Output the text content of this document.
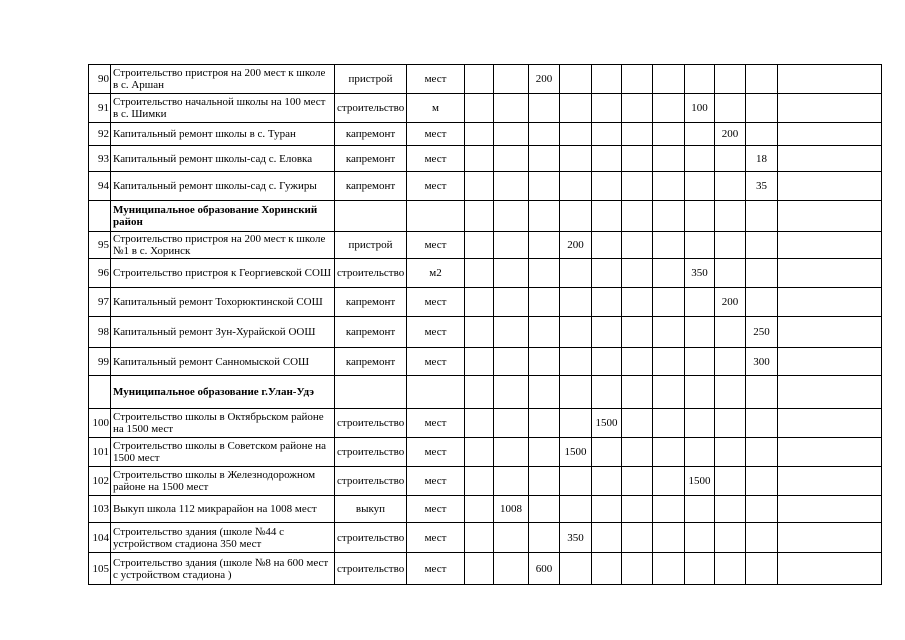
90	Строительство пристроя на 200 мест к школе в с. Аршан	пристрой	мест			200								
91	Строительство начальной школы на 100 мест в с. Шимки	строительство	м								100			
92	Капитальный ремонт школы в с. Туран	капремонт	мест									200		
93	Капитальный ремонт школы-сад с. Еловка	капремонт	мест										18	
94	Капитальный ремонт школы-сад с. Гужиры	капремонт	мест										35	
	Муниципальное образование Хоринский район													
95	Строительство пристроя на 200 мест к школе №1 в с. Хоринск	пристрой	мест				200							
96	Строительство пристроя к Георгиевской СОШ	строительство	м2								350			
97	Капитальный ремонт Тохорюктинской СОШ	капремонт	мест									200		
98	Капитальный ремонт Зун-Хурайской ООШ	капремонт	мест										250	
99	Капитальный ремонт Санномыской СОШ	капремонт	мест										300	
	Муниципальное образование г.Улан-Удэ													
100	Строительство школы в Октябрьском районе на 1500 мест	строительство	мест					1500						
101	Строительство школы в Советском районе на 1500 мест	строительство	мест				1500							
102	Строительство школы в Железнодорожном районе на 1500 мест	строительство	мест								1500			
103	Выкуп школа 112 микрарайон на 1008 мест	выкуп	мест		1008									
104	Строительство здания (школе №44 с устройством стадиона 350 мест	строительство	мест				350							
105	Строительство здания (школе №8 на 600 мест с устройством стадиона )	строительство	мест			600								
